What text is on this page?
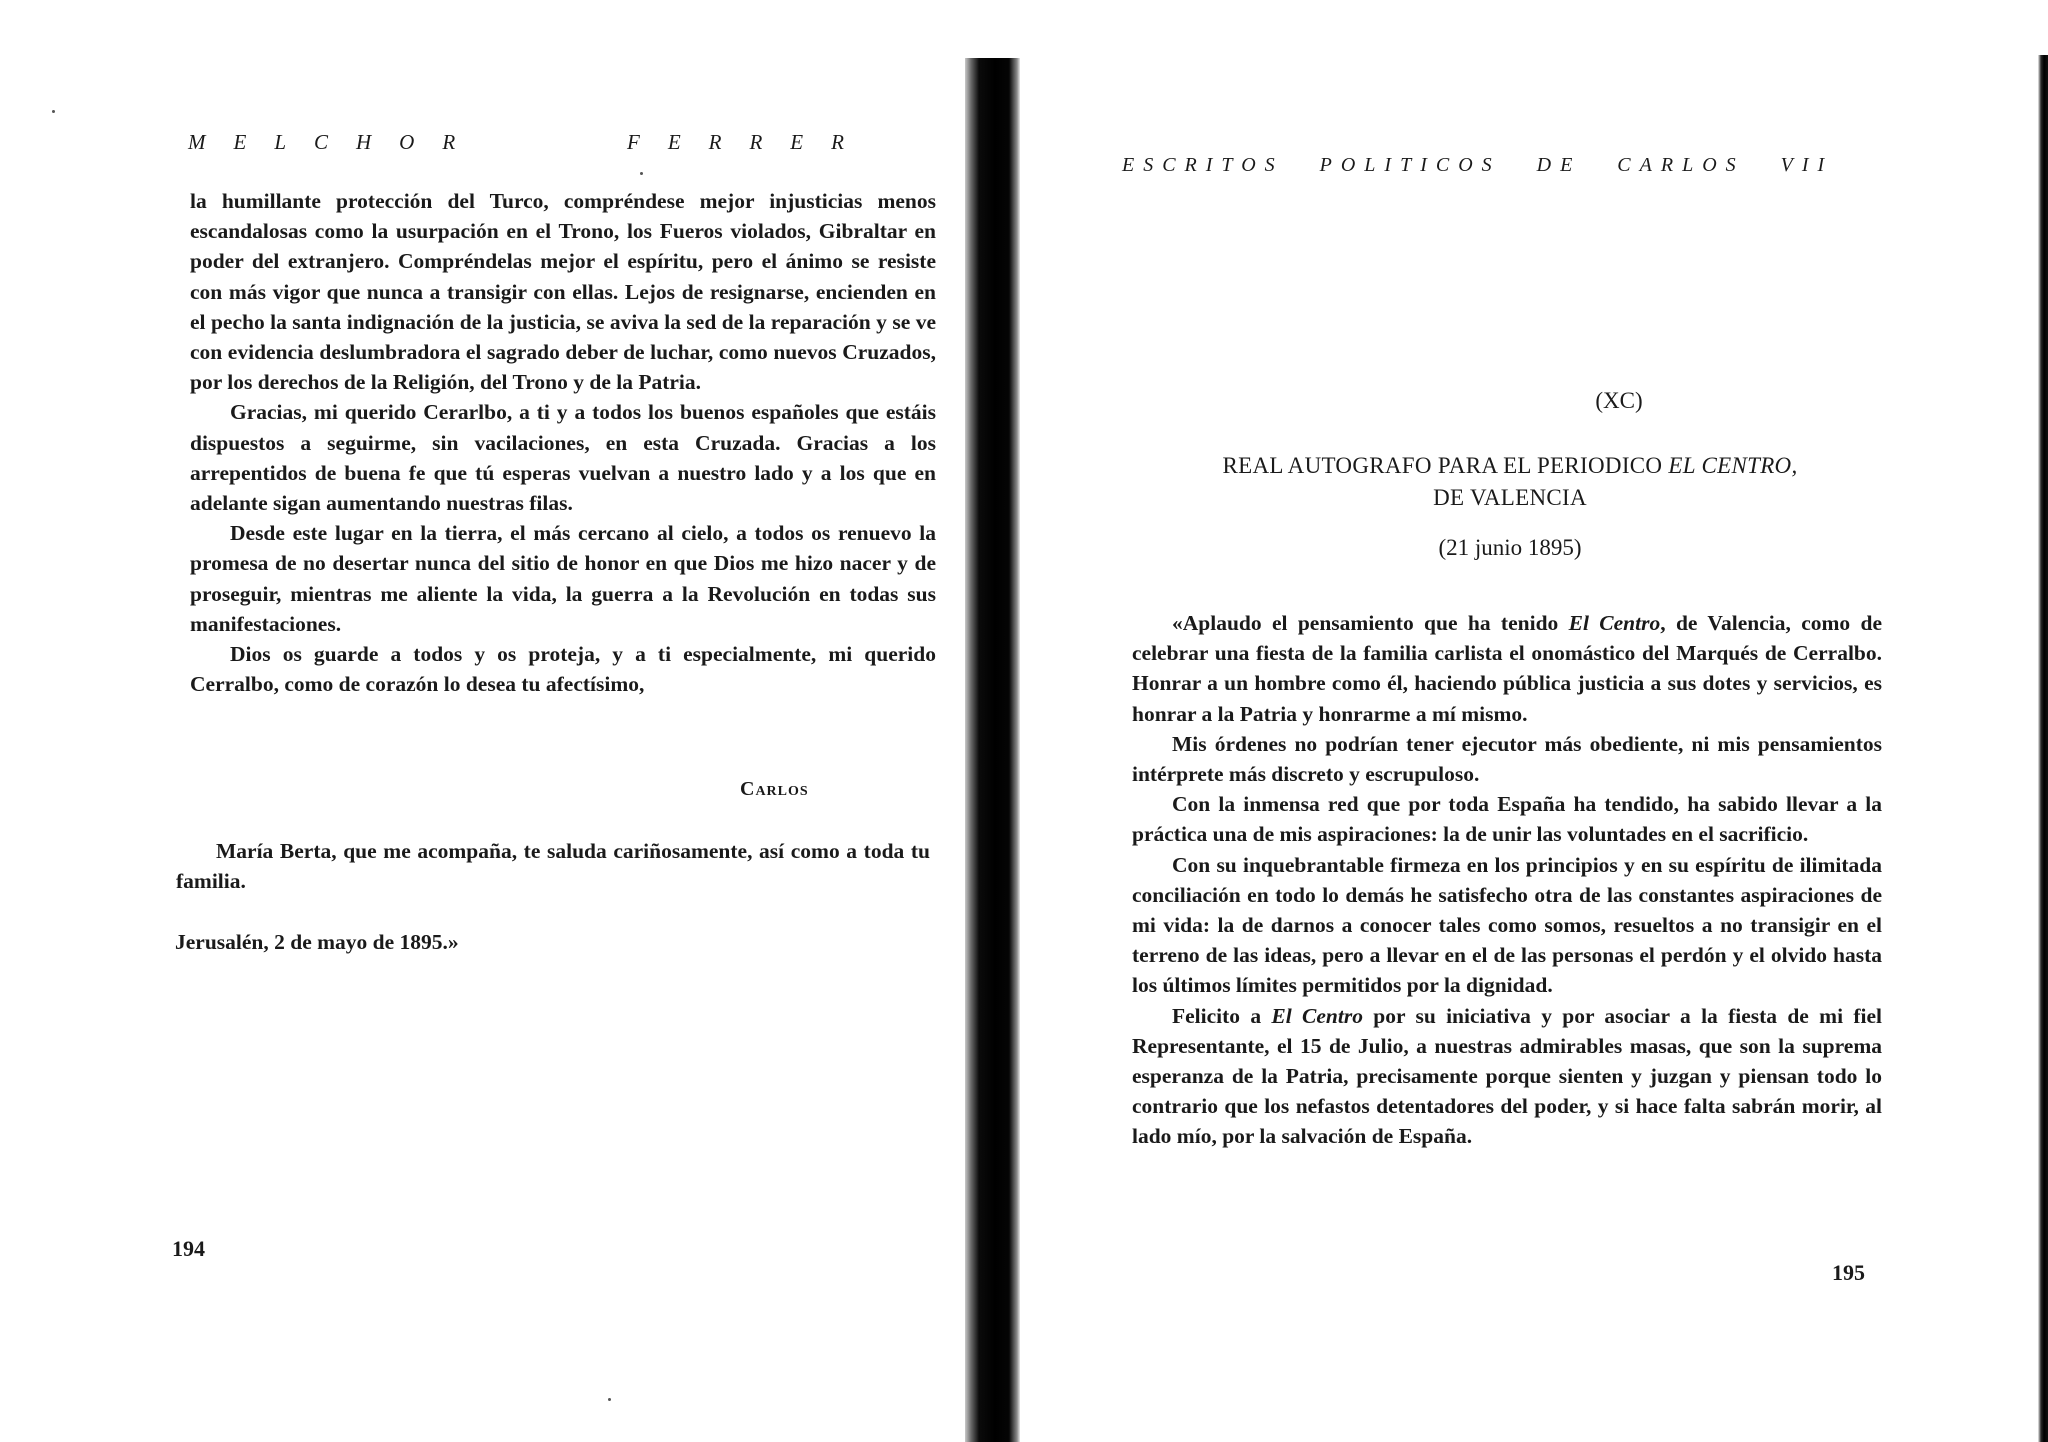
MELCHOR	FERRER

la humillante protección del Turco, compréndese mejor injusticias menos escandalosas como la usurpación en el Trono, los Fueros violados, Gibraltar en poder del extranjero. Compréndelas mejor el espíritu, pero el ánimo se resiste con más vigor que nunca a transigir con ellas. Lejos de resignarse, encienden en el pecho la santa indignación de la justicia, se aviva la sed de la reparación y se ve con evidencia deslumbradora el sagrado deber de luchar, como nuevos Cruzados, por los derechos de la Religión, del Trono y de la Patria.

Gracias, mi querido Cerarlbo, a ti y a todos los buenos españoles que estáis dispuestos a seguirme, sin vacilaciones, en esta Cruzada. Gracias a los arrepentidos de buena fe que tú esperas vuelvan a nuestro lado y a los que en adelante sigan aumentando nuestras filas.

Desde este lugar en la tierra, el más cercano al cielo, a todos os renuevo la promesa de no desertar nunca del sitio de honor en que Dios me hizo nacer y de proseguir, mientras me aliente la vida, la guerra a la Revolución en todas sus manifestaciones.

Dios os guarde a todos y os proteja, y a ti especialmente, mi querido Cerralbo, como de corazón lo desea tu afectísimo,

Carlos

María Berta, que me acompaña, te saluda cariñosamente, así como a toda tu familia.

Jerusalén, 2 de mayo de 1895.»
194
ESCRITOS POLITICOS DE CARLOS VII
(XC)
REAL AUTOGRAFO PARA EL PERIODICO EL CENTRO,
DE VALENCIA
(21 junio 1895)

«Aplaudo el pensamiento que ha tenido El Centro, de Valencia, como de celebrar una fiesta de la familia carlista el onomástico del Marqués de Cerralbo. Honrar a un hombre como él, haciendo pública justicia a sus dotes y servicios, es honrar a la Patria y honrarme a mí mismo.

Mis órdenes no podrían tener ejecutor más obediente, ni mis pensamientos intérprete más discreto y escrupuloso.

Con la inmensa red que por toda España ha tendido, ha sabido llevar a la práctica una de mis aspiraciones: la de unir las voluntades en el sacrificio.

Con su inquebrantable firmeza en los principios y en su espíritu de ilimitada conciliación en todo lo demás he satisfecho otra de las constantes aspiraciones de mi vida: la de darnos a conocer tales como somos, resueltos a no transigir en el terreno de las ideas, pero a llevar en el de las personas el perdón y el olvido hasta los últimos límites permitidos por la dignidad.

Felicito a El Centro por su iniciativa y por asociar a la fiesta de mi fiel Representante, el 15 de Julio, a nuestras admirables masas, que son la suprema esperanza de la Patria, precisamente porque sienten y juzgan y piensan todo lo contrario que los nefastos detentadores del poder, y si hace falta sabrán morir, al lado mío, por la salvación de España.

195
